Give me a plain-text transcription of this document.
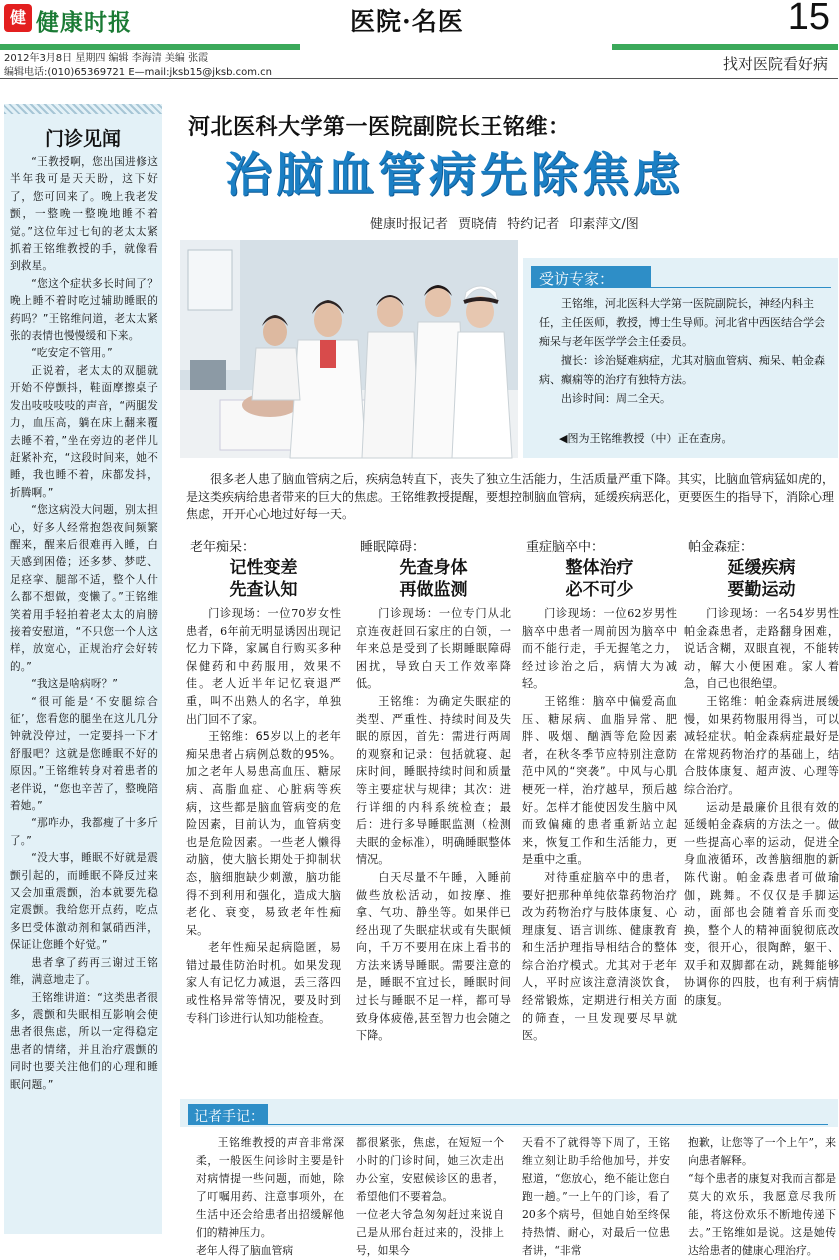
健 健康时报	医院·名医	15
2012年3月8日 星期四 编辑 李海清 美编 张霞
编辑电话:(010)65369721 E—mail:jksb15@jksb.com.cn	找对医院看好病
门诊见闻

“王教授啊，您出国进修这半年我可是天天盼，这下好了，您可回来了。晚上我老发颤，一整晚一整晚地睡不着觉。”这位年过七旬的老太太紧抓着王铭维教授的手，就像看到救星。

“您这个症状多长时间了？晚上睡不着时吃过辅助睡眠的药吗？”王铭维问道，老太太紧张的表情也慢慢缓和下来。

“吃安定不管用。”

正说着，老太太的双腿就开始不停颤抖，鞋面摩擦桌子发出吱吱吱吱的声音，“两腿发力，血压高，躺在床上翻来覆去睡不着，”坐在旁边的老伴儿赶紧补充，“这段时间来，她不睡，我也睡不着，床都发抖，折腾啊。”

“您这病没大问题，别太担心，好多人经常抱怨夜间频繁醒来，醒来后很难再入睡，白天感到困倦；还多梦、梦呓、足痉挛、腿部不适，整个人什么都不想做，变懒了。”王铭维笑着用手轻拍着老太太的肩膀接着安慰道，“不只您一个人这样，放宽心，正规治疗会好转的。”

“我这是啥病呀？”

“很可能是‘不安腿综合征’，您看您的腿坐在这儿几分钟就没停过，一定要抖一下才舒服吧？这就是您睡眠不好的原因。”王铭维转身对着患者的老伴说，“您也辛苦了，整晚陪着她。”

“那咋办，我都瘦了十多斤了。”

“没大事，睡眠不好就是震颤引起的，而睡眠不降反过来又会加重震颤，治本就要先稳定震颤。我给您开点药，吃点多巴受体激动剂和氯硝西泮，保证让您睡个好觉。”

患者拿了药再三谢过王铭维，满意地走了。

王铭维讲道：“这类患者很多，震颤和失眠相互影响会使患者很焦虑，所以一定得稳定患者的情绪，并且治疗震颤的同时也要关注他们的心理和睡眠问题。”

河北医科大学第一医院副院长王铭维：
治脑血管病先除焦虑
健康时报记者 贾晓倩 特约记者 印素萍文/图
受访专家：

王铭维，河北医科大学第一医院副院长，神经内科主任，主任医师，教授，博士生导师。河北省中西医结合学会痴呆与老年医学学会主任委员。

擅长：诊治疑难病症，尤其对脑血管病、痴呆、帕金森病、癫痫等的治疗有独特方法。

出诊时间：周二全天。

◀图为王铭维教授（中）正在查房。

很多老人患了脑血管病之后，疾病急转直下，丧失了独立生活能力，生活质量严重下降。其实，比脑血管病猛如虎的，是这类疾病给患者带来的巨大的焦虑。王铭维教授提醒，要想控制脑血管病，延缓疾病恶化，更要医生的指导下，消除心理焦虑，开开心心地过好每一天。

老年痴呆：
记性变差
先查认知

门诊现场：一位70岁女性患者，6年前无明显诱因出现记忆力下降，家属自行购买多种保健药和中药服用，效果不佳。老人近半年记忆衰退严重，叫不出熟人的名字，单独出门回不了家。

王铭维：65岁以上的老年痴呆患者占病例总数的95%。加之老年人易患高血压、糖尿病、高脂血症、心脏病等疾病，这些都是脑血管病变的危险因素，目前认为，血管病变也是危险因素。一些老人懒得动脑，使大脑长期处于抑制状态，脑细胞缺少刺激，脑功能得不到利用和强化，造成大脑老化、衰变，易致老年性痴呆。

老年性痴呆起病隐匿，易错过最佳防治时机。如果发现家人有记忆力减退，丢三落四或性格异常等情况，要及时到专科门诊进行认知功能检查。

睡眠障碍：
先查身体
再做监测

门诊现场：一位专门从北京连夜赶回石家庄的白领，一年来总是受到了长期睡眠障碍困扰，导致白天工作效率降低。

王铭维：为确定失眠症的类型、严重性、持续时间及失眠的原因，首先：需进行两周的观察和记录：包括就寝、起床时间，睡眠持续时间和质量等主要症状与规律；其次：进行详细的内科系统检查；最后：进行多导睡眠监测（检测夫眠的金标准），明确睡眠整体情况。

白天尽量不午睡，入睡前做些放松活动，如按摩、推拿、气功、静坐等。如果伴已经出现了失眠症状或有失眠倾向，千万不要用在床上看书的方法来诱导睡眠。需要注意的是，睡眠不宜过长，睡眠时间过长与睡眠不足一样，都可导致身体疲倦,甚至智力也会随之下降。

重症脑卒中：
整体治疗
必不可少

门诊现场：一位62岁男性脑卒中患者一周前因为脑卒中而不能行走，手无握笔之力，经过诊治之后，病情大为减轻。

王铭维：脑卒中偏爱高血压、糖尿病、血脂异常、肥胖、吸烟、酗酒等危险因素者，在秋冬季节应特别注意防范中风的“突袭”。中风与心肌梗死一样，治疗越早，预后越好。怎样才能使因发生脑中风而致偏瘫的患者重新站立起来，恢复工作和生活能力，更是重中之重。

对待重症脑卒中的患者，要好把那种单纯依靠药物治疗改为药物治疗与肢体康复、心理康复、语言训练、健康教育和生活护理指导相结合的整体综合治疗模式。尤其对于老年人，平时应该注意清淡饮食，经常锻炼，定期进行相关方面的筛查，一旦发现要尽早就医。

帕金森症：
延缓疾病
要勤运动

门诊现场：一名54岁男性帕金森患者，走路翻身困难，说话含糊，双眼直视，不能转动，解大小便困难。家人着急，自己也很绝望。

王铭维：帕金森病进展缓慢，如果药物服用得当，可以减轻症状。帕金森病症最好是在常规药物治疗的基础上，结合肢体康复、超声波、心理等综合治疗。

运动是最廉价且很有效的延缓帕金森病的方法之一。做一些提高心率的运动，促进全身血液循环，改善脑细胞的新陈代谢。帕金森患者可做瑜伽，跳舞。不仅仅是手脚运动，面部也会随着音乐而变换，整个人的精神面貌彻底改变，很开心，很陶醉，躯干、双手和双脚都在动，跳舞能够协调你的四肢，也有利于病情的康复。

记者手记：

王铭维教授的声音非常深柔，一般医生问诊时主要是针对病情提一些问题，而她，除了叮嘱用药、注意事项外，在生活中还会给患者出招缓解他们的精神压力。
老年人得了脑血管病

都很紧张，焦虑，在短短一个小时的门诊时间，她三次走出办公室，安慰候诊区的患者，希望他们不要着急。
一位老大爷急匆匆赶过来说自己是从邢台赶过来的，没排上号，如果今

天看不了就得等下周了，王铭维立刻让助手给他加号，并安慰道，“您放心，绝不能让您白跑一趟。”一上午的门诊，看了20多个病号，但她自始至终保持热情、耐心，对最后一位患者讲，“非常

抱歉，让您等了一个上午”，来向患者解释。
“每个患者的康复对我而言都是莫大的欢乐，我愿意尽我所能，将这份欢乐不断地传递下去。”王铭维如是说。这是她传达给患者的健康心理治疗。
